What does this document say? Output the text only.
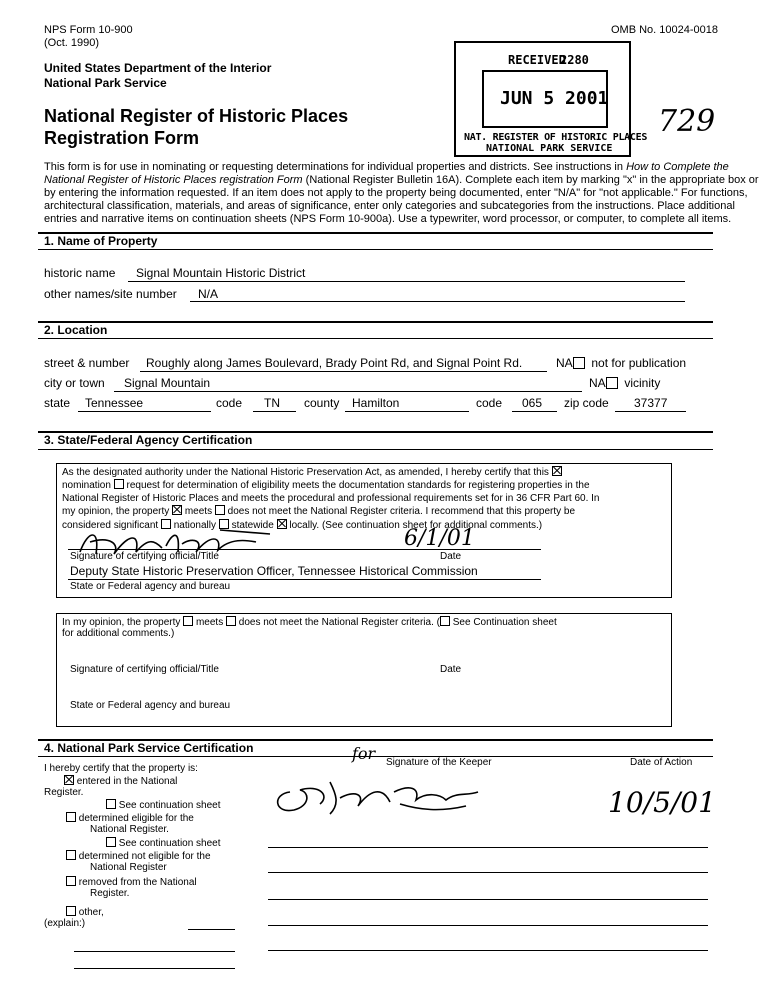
NPS Form 10-900
(Oct. 1990)
OMB No. 10024-0018
United States Department of the Interior
National Park Service
National Register of Historic Places
Registration Form	729
RECEIVED
2280
JUN 5 2001
NAT. REGISTER OF HISTORIC PLACES
NATIONAL PARK SERVICE
This form is for use in nominating or requesting determinations for individual properties and districts. See instructions in How to Complete the
National Register of Historic Places registration Form (National Register Bulletin 16A). Complete each item by marking "x" in the appropriate box or
by entering the information requested. If an item does not apply to the property being documented, enter "N/A" for "not applicable." For functions,
architectural classification, materials, and areas of significance, enter only categories and subcategories from the instructions. Place additional
entries and narrative items on continuation sheets (NPS Form 10-900a). Use a typewriter, word processor, or computer, to complete all items.
1. Name of Property
historic name Signal Mountain Historic District
other names/site number N/A
2. Location
street & number Roughly along James Boulevard, Brady Point Rd, and Signal Point Rd.	NA not for publication
city or town Signal Mountain	NA vicinity
state Tennessee	code TN county Hamilton	code 065 zip code 37377
3. State/Federal Agency Certification
As the designated authority under the National Historic Preservation Act, as amended, I hereby certify that this
nomination request for determination of eligibility meets the documentation standards for registering properties in the
National Register of Historic Places and meets the procedural and professional requirements set for in 36 CFR Part 60. In
my opinion, the property meets does not meet the National Register criteria. I recommend that this property be
considered significant nationally statewide locally. (See continuation sheet for additional comments.)
6/1/01
Signature of certifying official/Title	Date
Deputy State Historic Preservation Officer, Tennessee Historical Commission
State or Federal agency and bureau
In my opinion, the property meets does not meet the National Register criteria. ( See Continuation sheet
for additional comments.)
Signature of certifying official/Title	Date
State or Federal agency and bureau
4. National Park Service Certification
I hereby certify that the property is:
entered in the National
Register.
See continuation sheet
determined eligible for the
National Register.
See continuation sheet
determined not eligible for the
National Register
removed from the National
Register.
other,
(explain:)
for Signature of the Keeper	Date of Action
10/5/01
